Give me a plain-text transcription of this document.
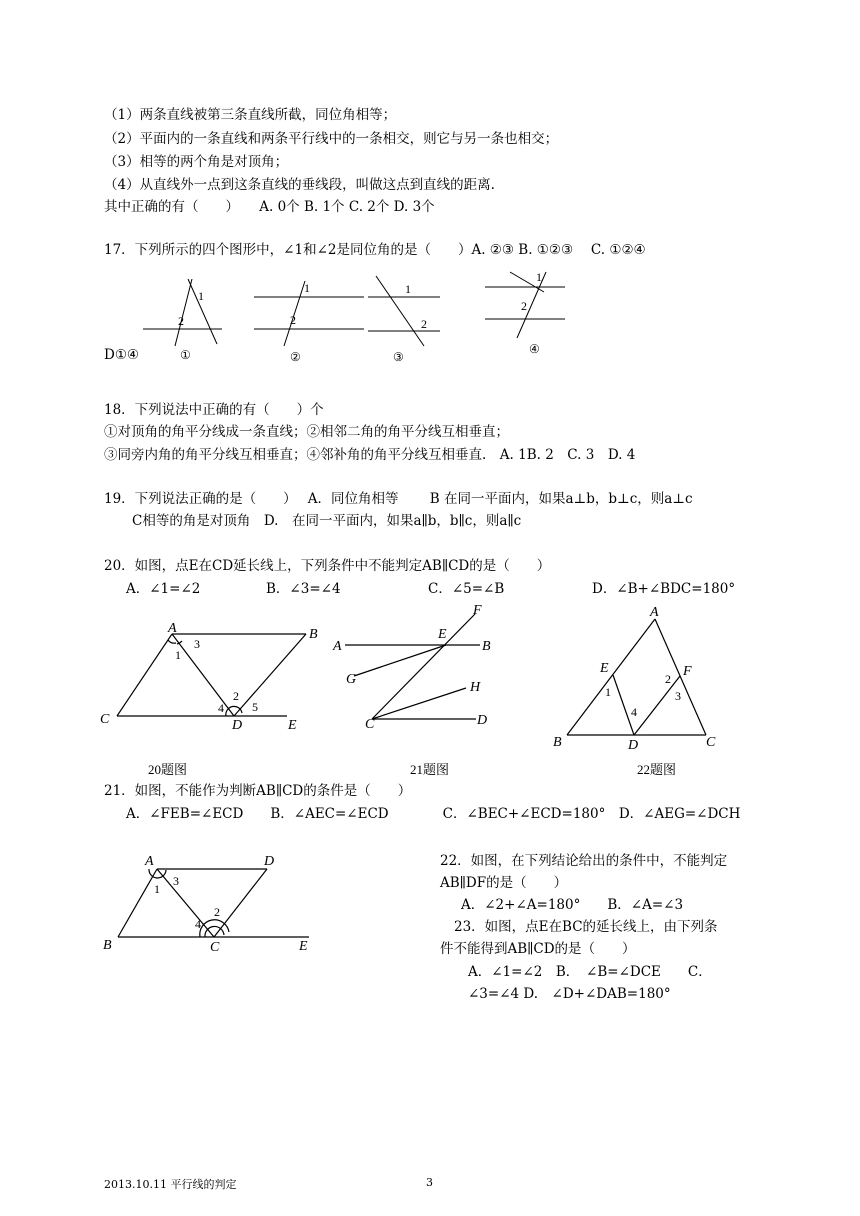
（1）两条直线被第三条直线所截，同位角相等；
（2）平面内的一条直线和两条平行线中的一条相交，则它与另一条也相交；
（3）相等的两个角是对顶角；
（4）从直线外一点到这条直线的垂线段，叫做这点到直线的距离.
其中正确的有（　　）　　A. 0个 B. 1个 C. 2个 D. 3个
17．下列所示的四个图形中，∠1和∠2是同位角的是（　　）A. ②③ B. ①②③　 C. ①②④
1
2
1
2
1
2
1
2
①	②	③
④
D①④
18．下列说法中正确的有（　　）个
①对顶角的角平分线成一条直线；②相邻二角的角平分线互相垂直；
③同旁内角的角平分线互相垂直；④邻补角的角平分线互相垂直.　A. 1B. 2　C. 3　D. 4
19．下列说法正确的是（　　）　 A．同位角相等　　 B 在同一平面内，如果a⊥b，b⊥c，则a⊥c
C相等的角是对顶角　D.　在同一平面内，如果a∥b，b∥c，则a∥c
20．如图，点E在CD延长线上，下列条件中不能判定AB∥CD的是（　　）
A．∠1=∠2	B．∠3=∠4	C．∠5=∠B	D．∠B+∠BDC=180°
A	B
C	D	E
1
2
3
4 5
20题图
A	B
C	D
E
F
G
H
21题图
A
B	C
D
E	F
1
2
3
4
22题图
21．如图，不能作为判断AB∥CD的条件是（　　）
A．∠FEB=∠ECD　　B．∠AEC=∠ECD　　　　C．∠BEC+∠ECD=180°　D．∠AEG=∠DCH
A	D
B	C	E
1
2
3
4
22．如图，在下列结论给出的条件中，不能判定
AB∥DF的是（　　）
A．∠2+∠A=180°　　B．∠A=∠3
23．如图，点E在BC的延长线上，由下列条
件不能得到AB∥CD的是（　　）
A．∠1=∠2　B．　∠B=∠DCE　　C．
∠3=∠4 D.　∠D+∠DAB=180°
2013.10.11 平行线的判定	3
